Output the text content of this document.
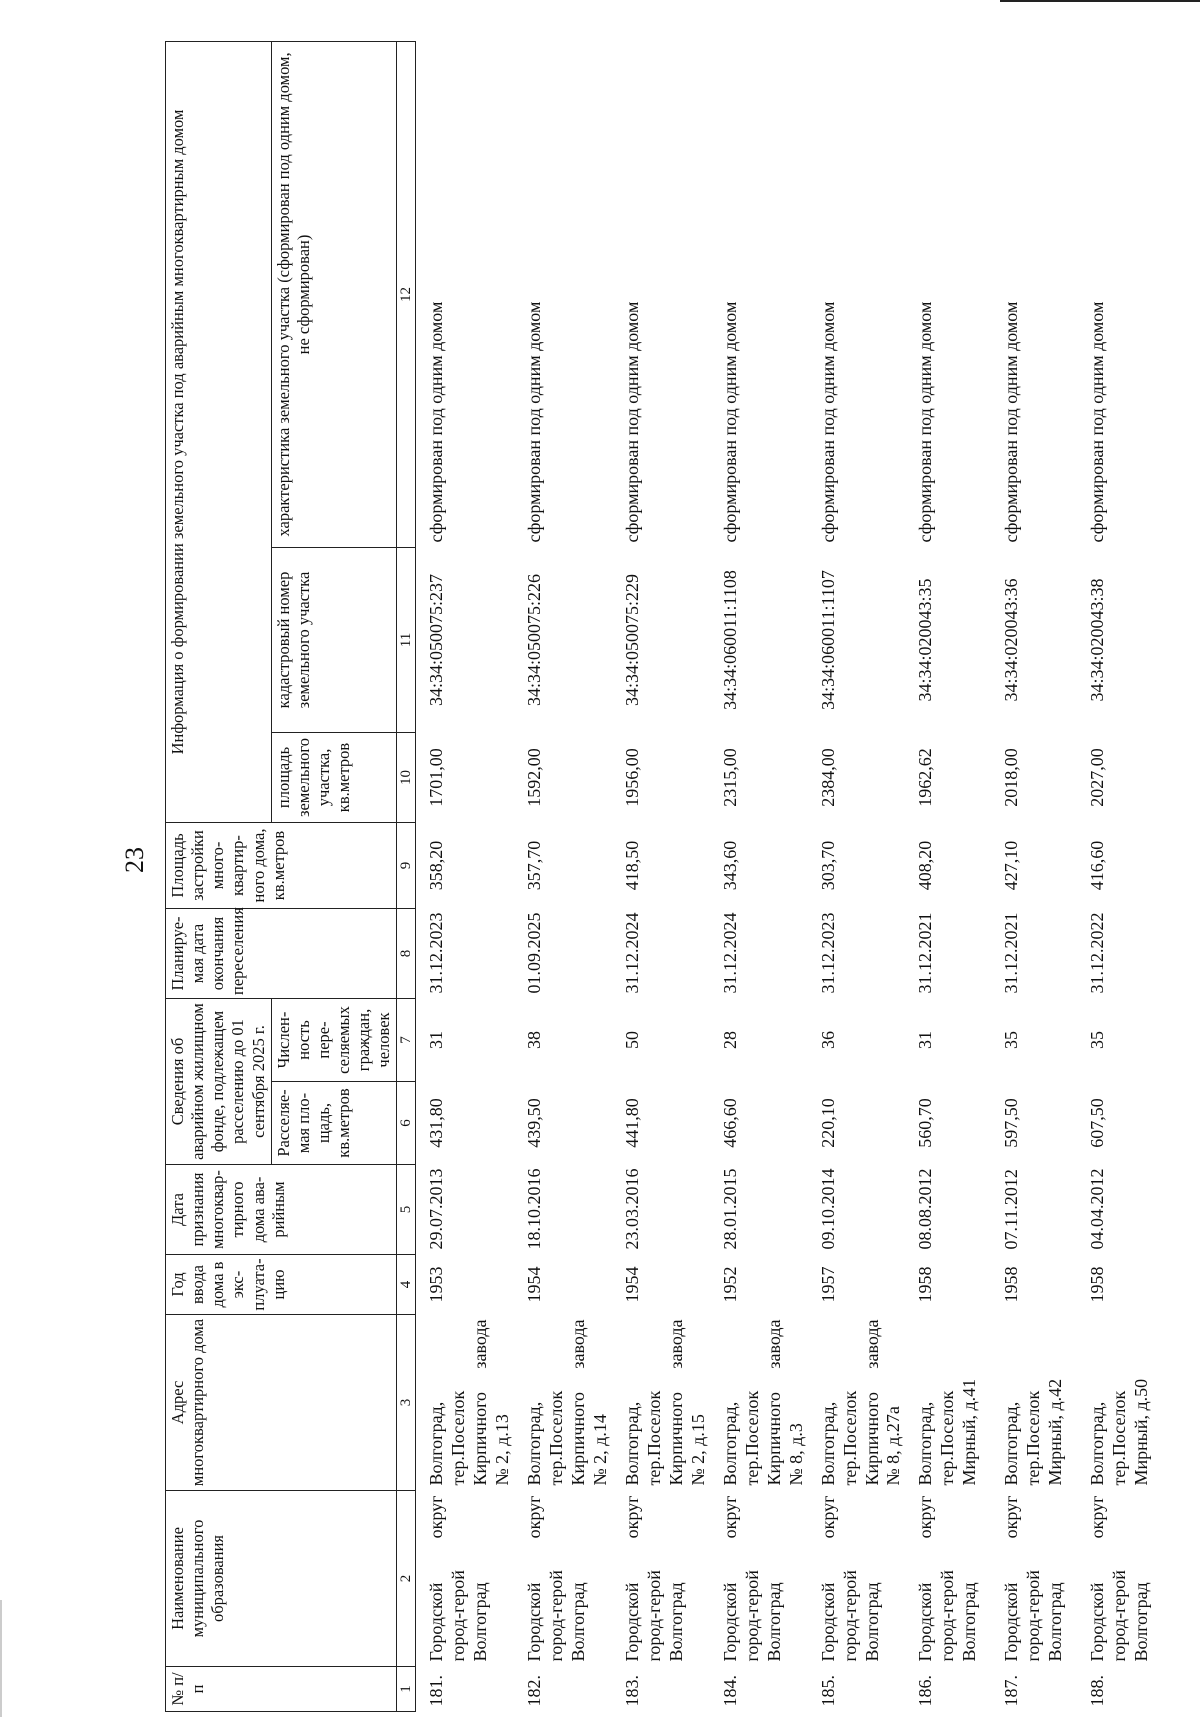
23
№ п/п	Наименование муниципального образования	Адрес многоквартирного дома	Год ввода дома в экс-плуата-цию	Дата признания многоквар-тирного дома ава-рийным	Сведения об аварийном жилищном фонде, подлежащем расселению до 01 сентября 2025 г.		Планируе-мая дата окончания переселения	Площадь застройки много-квартир-ного дома, кв.метров	Информация о формировании земельного участка под аварийным многоквартирным домом		
					Расселяе-мая пло-щадь, кв.метров	Числен-ность пере-селяемых граждан, человек			площадь земельного участка, кв.метров	кадастровый номер земельного участка	характеристика земельного участка (сформирован под одним домом, не сформирован)
1	2	3	4	5	6	7	8	9	10	11	12
181.	Городской округ город-герой Волгоград	Волгоград, тер.Поселок Кирпичного завода № 2, д.13	1953	29.07.2013	431,80	31	31.12.2023	358,20	1701,00	34:34:050075:237	сформирован под одним домом
182.	Городской округ город-герой Волгоград	Волгоград, тер.Поселок Кирпичного завода № 2, д.14	1954	18.10.2016	439,50	38	01.09.2025	357,70	1592,00	34:34:050075:226	сформирован под одним домом
183.	Городской округ город-герой Волгоград	Волгоград, тер.Поселок Кирпичного завода № 2, д.15	1954	23.03.2016	441,80	50	31.12.2024	418,50	1956,00	34:34:050075:229	сформирован под одним домом
184.	Городской округ город-герой Волгоград	Волгоград, тер.Поселок Кирпичного завода № 8, д.3	1952	28.01.2015	466,60	28	31.12.2024	343,60	2315,00	34:34:060011:1108	сформирован под одним домом
185.	Городской округ город-герой Волгоград	Волгоград, тер.Поселок Кирпичного завода № 8, д.27а	1957	09.10.2014	220,10	36	31.12.2023	303,70	2384,00	34:34:060011:1107	сформирован под одним домом
186.	Городской округ город-герой Волгоград	Волгоград, тер.Поселок Мирный, д.41	1958	08.08.2012	560,70	31	31.12.2021	408,20	1962,62	34:34:020043:35	сформирован под одним домом
187.	Городской округ город-герой Волгоград	Волгоград, тер.Поселок Мирный, д.42	1958	07.11.2012	597,50	35	31.12.2021	427,10	2018,00	34:34:020043:36	сформирован под одним домом
188.	Городской округ город-герой Волгоград	Волгоград, тер.Поселок Мирный, д.50	1958	04.04.2012	607,50	35	31.12.2022	416,60	2027,00	34:34:020043:38	сформирован под одним домом
